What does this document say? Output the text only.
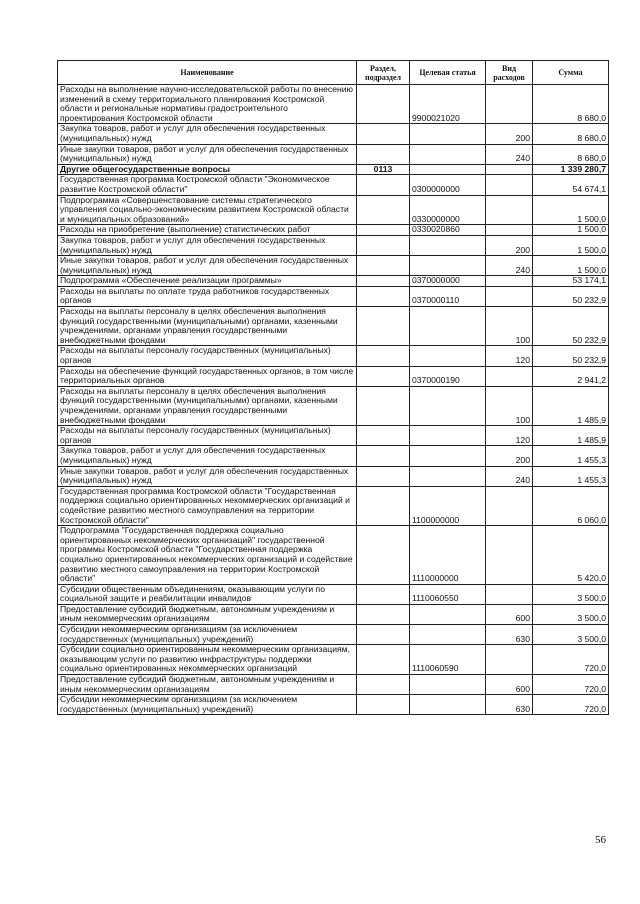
Наименование	Раздел, подраздел	Целевая статья	Вид расходов	Сумма
Расходы на выполнение научно-исследовательской работы по внесению изменений в схему территориального планирования Костромской области и региональные нормативы градостроительного проектирования Костромской области		9900021020		8 680,0
Закупка товаров, работ и услуг для обеспечения государственных (муниципальных) нужд			200	8 680,0
Иные закупки товаров, работ и услуг для обеспечения государственных (муниципальных) нужд			240	8 680,0
Другие общегосударственные вопросы	0113			1 339 280,7
Государственная программа Костромской области "Экономическое развитие Костромской области"		0300000000		54 674,1
Подпрограмма «Совершенствование системы стратегического управления социально-экономическим развитием Костромской области и муниципальных образований»		0330000000		1 500,0
Расходы на приобретение (выполнение) статистических работ		0330020860		1 500,0
Закупка товаров, работ и услуг для обеспечения государственных (муниципальных) нужд			200	1 500,0
Иные закупки товаров, работ и услуг для обеспечения государственных (муниципальных) нужд			240	1 500,0
Подпрограмма «Обеспечение реализации программы»		0370000000		53 174,1
Расходы на выплаты по оплате труда работников государственных органов		0370000110		50 232,9
Расходы на выплаты персоналу в целях обеспечения выполнения функций государственными (муниципальными) органами, казенными учреждениями, органами управления государственными внебюджетными фондами			100	50 232,9
Расходы на выплаты персоналу государственных (муниципальных) органов			120	50 232,9
Расходы на обеспечение функций государственных органов, в том числе территориальных органов		0370000190		2 941,2
Расходы на выплаты персоналу в целях обеспечения выполнения функций государственными (муниципальными) органами, казенными учреждениями, органами управления государственными внебюджетными фондами			100	1 485,9
Расходы на выплаты персоналу государственных (муниципальных) органов			120	1 485,9
Закупка товаров, работ и услуг для обеспечения государственных (муниципальных) нужд			200	1 455,3
Иные закупки товаров, работ и услуг для обеспечения государственных (муниципальных) нужд			240	1 455,3
Государственная программа Костромской области "Государственная поддержка социально ориентированных некоммерческих организаций и содействие развитию местного самоуправления на территории Костромской области"		1100000000		6 060,0
Подпрограмма "Государственная поддержка социально ориентированных некоммерческих организаций" государственной программы Костромской области "Государственная поддержка социально ориентированных некоммерческих организаций и содействие развитию местного самоуправления на территории Костромской области"		1110000000		5 420,0
Субсидии общественным объединениям, оказывающим услуги по социальной защите и реабилитации инвалидов		1110060550		3 500,0
Предоставление субсидий бюджетным, автономным учреждениям и иным некоммерческим организациям			600	3 500,0
Субсидии некоммерческим организациям (за исключением государственных (муниципальных) учреждений)			630	3 500,0
Субсидии социально ориентированным некоммерческим организациям, оказывающим услуги по развитию инфраструктуры поддержки социально ориентированных некоммерческих организаций		1110060590		720,0
Предоставление субсидий бюджетным, автономным учреждениям и иным некоммерческим организациям			600	720,0
Субсидии некоммерческим организациям (за исключением государственных (муниципальных) учреждений)			630	720,0
56
